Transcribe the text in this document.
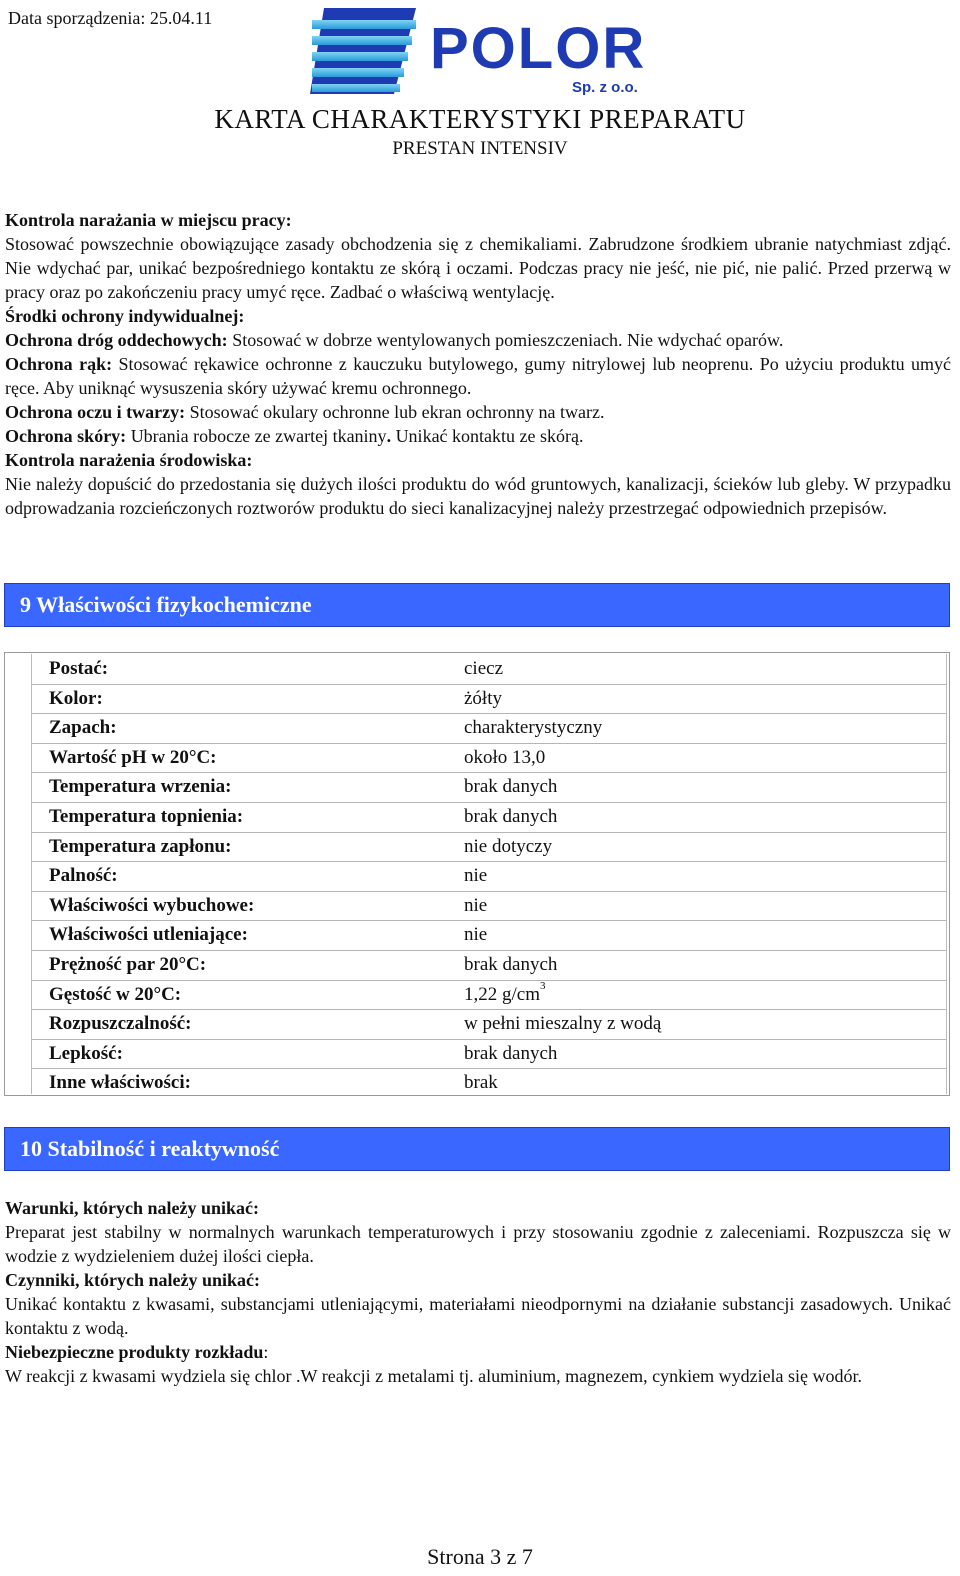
Data sporządzenia: 25.04.11	POLOR
Sp. z o.o.
KARTA CHARAKTERYSTYKI PREPARATU
PRESTAN INTENSIV

Kontrola narażania w miejscu pracy:

Stosować powszechnie obowiązujące zasady obchodzenia się z chemikaliami. Zabrudzone środkiem ubranie natychmiast zdjąć. Nie wdychać par, unikać bezpośredniego kontaktu ze skórą i oczami. Podczas pracy nie jeść, nie pić, nie palić. Przed przerwą w pracy oraz po zakończeniu pracy umyć ręce. Zadbać o właściwą wentylację.

Środki ochrony indywidualnej:

Ochrona dróg oddechowych: Stosować w dobrze wentylowanych pomieszczeniach. Nie wdychać oparów.

Ochrona rąk: Stosować rękawice ochronne z kauczuku butylowego, gumy nitrylowej lub neoprenu. Po użyciu produktu umyć ręce. Aby uniknąć wysuszenia skóry używać kremu ochronnego.

Ochrona oczu i twarzy: Stosować okulary ochronne lub ekran ochronny na twarz.

Ochrona skóry: Ubrania robocze ze zwartej tkaniny. Unikać kontaktu ze skórą.

Kontrola narażenia środowiska:

Nie należy dopuścić do przedostania się dużych ilości produktu do wód gruntowych, kanalizacji, ścieków lub gleby. W przypadku odprowadzania rozcieńczonych roztworów produktu do sieci kanalizacyjnej należy przestrzegać odpowiednich przepisów.

9 Właściwości fizykochemiczne
Postać:	ciecz
Kolor:	żółty
Zapach:	charakterystyczny
Wartość pH w 20°C:	około 13,0
Temperatura wrzenia:	brak danych
Temperatura topnienia:	brak danych
Temperatura zapłonu:	nie dotyczy
Palność:	nie
Właściwości wybuchowe:	nie
Właściwości utleniające:	nie
Prężność par 20°C:	brak danych
Gęstość w 20°C:	1,22 $g/cm^3$
Rozpuszczalność:	w pełni mieszalny z wodą
Lepkość:	brak danych
Inne właściwości:	brak
10 Stabilność i reaktywność

Warunki, których należy unikać:

Preparat jest stabilny w normalnych warunkach temperaturowych i przy stosowaniu zgodnie z zaleceniami. Rozpuszcza się w wodzie z wydzieleniem dużej ilości ciepła.

Czynniki, których należy unikać:

Unikać kontaktu z kwasami, substancjami utleniającymi, materiałami nieodpornymi na działanie substancji zasadowych. Unikać kontaktu z wodą.

Niebezpieczne produkty rozkładu:

W reakcji z kwasami wydziela się chlor .W reakcji z metalami tj. aluminium, magnezem, cynkiem wydziela się wodór.

Strona 3 z 7
